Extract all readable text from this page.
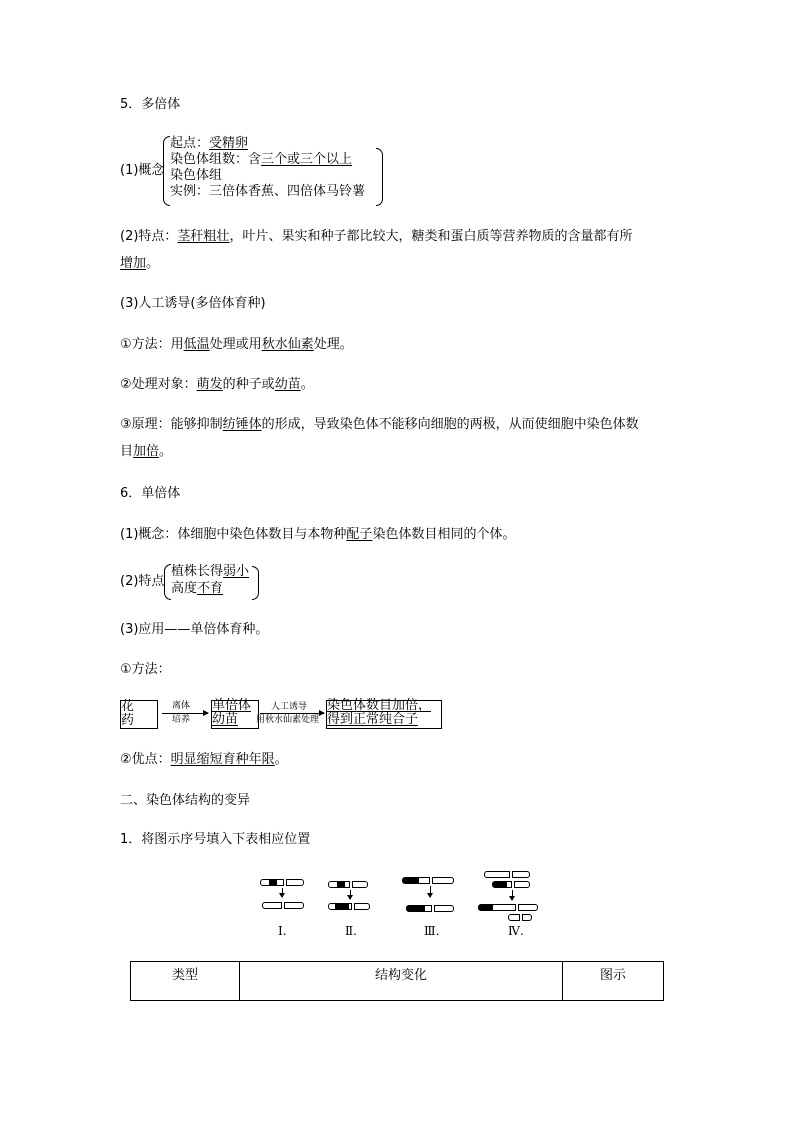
5．多倍体
(1)概念
起点：受精卵
染色体组数：含三个或三个以上
染色体组
实例：三倍体香蕉、四倍体马铃薯
(2)特点：茎秆粗壮，叶片、果实和种子都比较大，糖类和蛋白质等营养物质的含量都有所
增加。
(3)人工诱导(多倍体育种)
①方法：用低温处理或用秋水仙素处理。
②处理对象：萌发的种子或幼苗。
③原理：能够抑制纺锤体的形成，导致染色体不能移向细胞的两极，从而使细胞中染色体数
目加倍。
6．单倍体
(1)概念：体细胞中染色体数目与本物种配子染色体数目相同的个体。
(2)特点
植株长得弱小
高度不育
(3)应用——单倍体育种。
①方法：
花
药
离体
培养
单倍体
幼苗
人工诱导
用秋水仙素处理
染色体数目加倍，
得到正常纯合子
②优点：明显缩短育种年限。
二、染色体结构的变异
1．将图示序号填入下表相应位置
Ⅰ.	Ⅱ.	Ⅲ.	Ⅳ.
类型	结构变化	图示
